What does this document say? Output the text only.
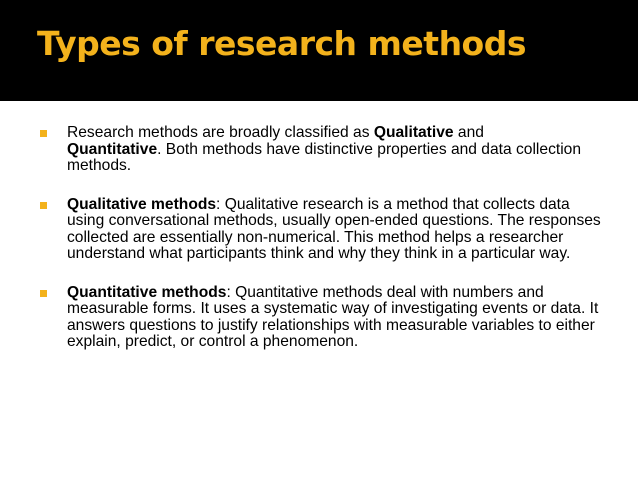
Types of research methods

Research methods are broadly classified as Qualitative and
Quantitative. Both methods have distinctive properties and data collection methods.

Qualitative methods: Qualitative research is a method that collects data using conversational methods, usually open-ended questions. The responses collected are essentially non-numerical. This method helps a researcher understand what participants think and why they think in a particular way.

Quantitative methods: Quantitative methods deal with numbers and measurable forms. It uses a systematic way of investigating events or data. It answers questions to justify relationships with measurable variables to either explain, predict, or control a phenomenon.
